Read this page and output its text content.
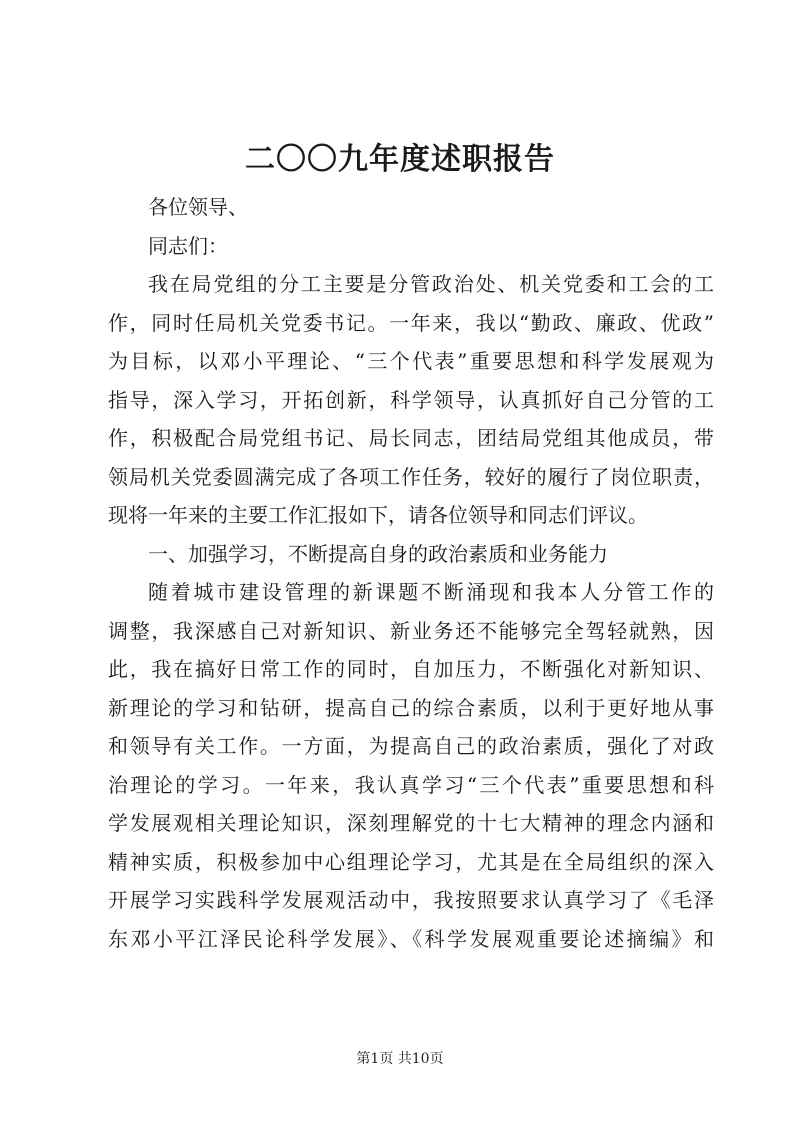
二〇〇九年度述职报告
各位领导、
同志们：
我在局党组的分工主要是分管政治处、机关党委和工会的工
作，同时任局机关党委书记。一年来，我以“勤政、廉政、优政”
为目标，以邓小平理论、“三个代表”重要思想和科学发展观为
指导，深入学习，开拓创新，科学领导，认真抓好自己分管的工
作，积极配合局党组书记、局长同志，团结局党组其他成员，带
领局机关党委圆满完成了各项工作任务，较好的履行了岗位职责，
现将一年来的主要工作汇报如下，请各位领导和同志们评议。
一、加强学习，不断提高自身的政治素质和业务能力
随着城市建设管理的新课题不断涌现和我本人分管工作的
调整，我深感自己对新知识、新业务还不能够完全驾轻就熟，因
此，我在搞好日常工作的同时，自加压力，不断强化对新知识、
新理论的学习和钻研，提高自己的综合素质，以利于更好地从事
和领导有关工作。一方面，为提高自己的政治素质，强化了对政
治理论的学习。一年来，我认真学习“三个代表”重要思想和科
学发展观相关理论知识，深刻理解党的十七大精神的理念内涵和
精神实质，积极参加中心组理论学习，尤其是在全局组织的深入
开展学习实践科学发展观活动中，我按照要求认真学习了《毛泽
东邓小平江泽民论科学发展》、《科学发展观重要论述摘编》和
第1页 共10页
